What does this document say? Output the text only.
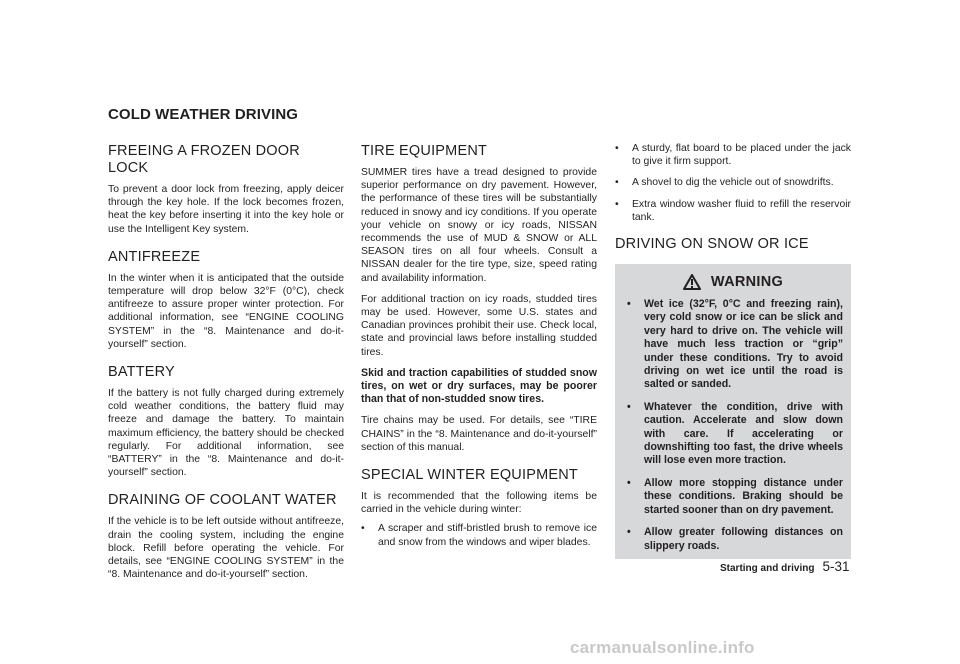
COLD WEATHER DRIVING
FREEING A FROZEN DOOR LOCK

To prevent a door lock from freezing, apply deicer through the key hole. If the lock becomes frozen, heat the key before inserting it into the key hole or use the Intelligent Key system.

ANTIFREEZE

In the winter when it is anticipated that the outside temperature will drop below 32°F (0°C), check antifreeze to assure proper winter protection. For additional information, see “ENGINE COOLING SYSTEM” in the “8. Maintenance and do-it-yourself” section.

BATTERY

If the battery is not fully charged during extremely cold weather conditions, the battery fluid may freeze and damage the battery. To maintain maximum efficiency, the battery should be checked regularly. For additional information, see “BATTERY” in the “8. Maintenance and do-it-yourself” section.

DRAINING OF COOLANT WATER

If the vehicle is to be left outside without antifreeze, drain the cooling system, including the engine block. Refill before operating the vehicle. For details, see “ENGINE COOLING SYSTEM” in the “8. Maintenance and do-it-yourself” section.

TIRE EQUIPMENT

SUMMER tires have a tread designed to provide superior performance on dry pavement. However, the performance of these tires will be substantially reduced in snowy and icy conditions. If you operate your vehicle on snowy or icy roads, NISSAN recommends the use of MUD & SNOW or ALL SEASON tires on all four wheels. Consult a NISSAN dealer for the tire type, size, speed rating and availability information.

For additional traction on icy roads, studded tires may be used. However, some U.S. states and Canadian provinces prohibit their use. Check local, state and provincial laws before installing studded tires.

Skid and traction capabilities of studded snow tires, on wet or dry surfaces, may be poorer than that of non-studded snow tires.

Tire chains may be used. For details, see “TIRE CHAINS” in the “8. Maintenance and do-it-yourself” section of this manual.

SPECIAL WINTER EQUIPMENT

It is recommended that the following items be carried in the vehicle during winter:

• A scraper and stiff-bristled brush to remove ice and snow from the windows and wiper blades.
• A sturdy, flat board to be placed under the jack to give it firm support.
• A shovel to dig the vehicle out of snowdrifts.
• Extra window washer fluid to refill the reservoir tank.
DRIVING ON SNOW OR ICE
WARNING
• Wet ice (32°F, 0°C and freezing rain), very cold snow or ice can be slick and very hard to drive on. The vehicle will have much less traction or “grip” under these conditions. Try to avoid driving on wet ice until the road is salted or sanded.
• Whatever the condition, drive with caution. Accelerate and slow down with care. If accelerating or downshifting too fast, the drive wheels will lose even more traction.
• Allow more stopping distance under these conditions. Braking should be started sooner than on dry pavement.
• Allow greater following distances on slippery roads.
Starting and driving 5-31
carmanualsonline.info
